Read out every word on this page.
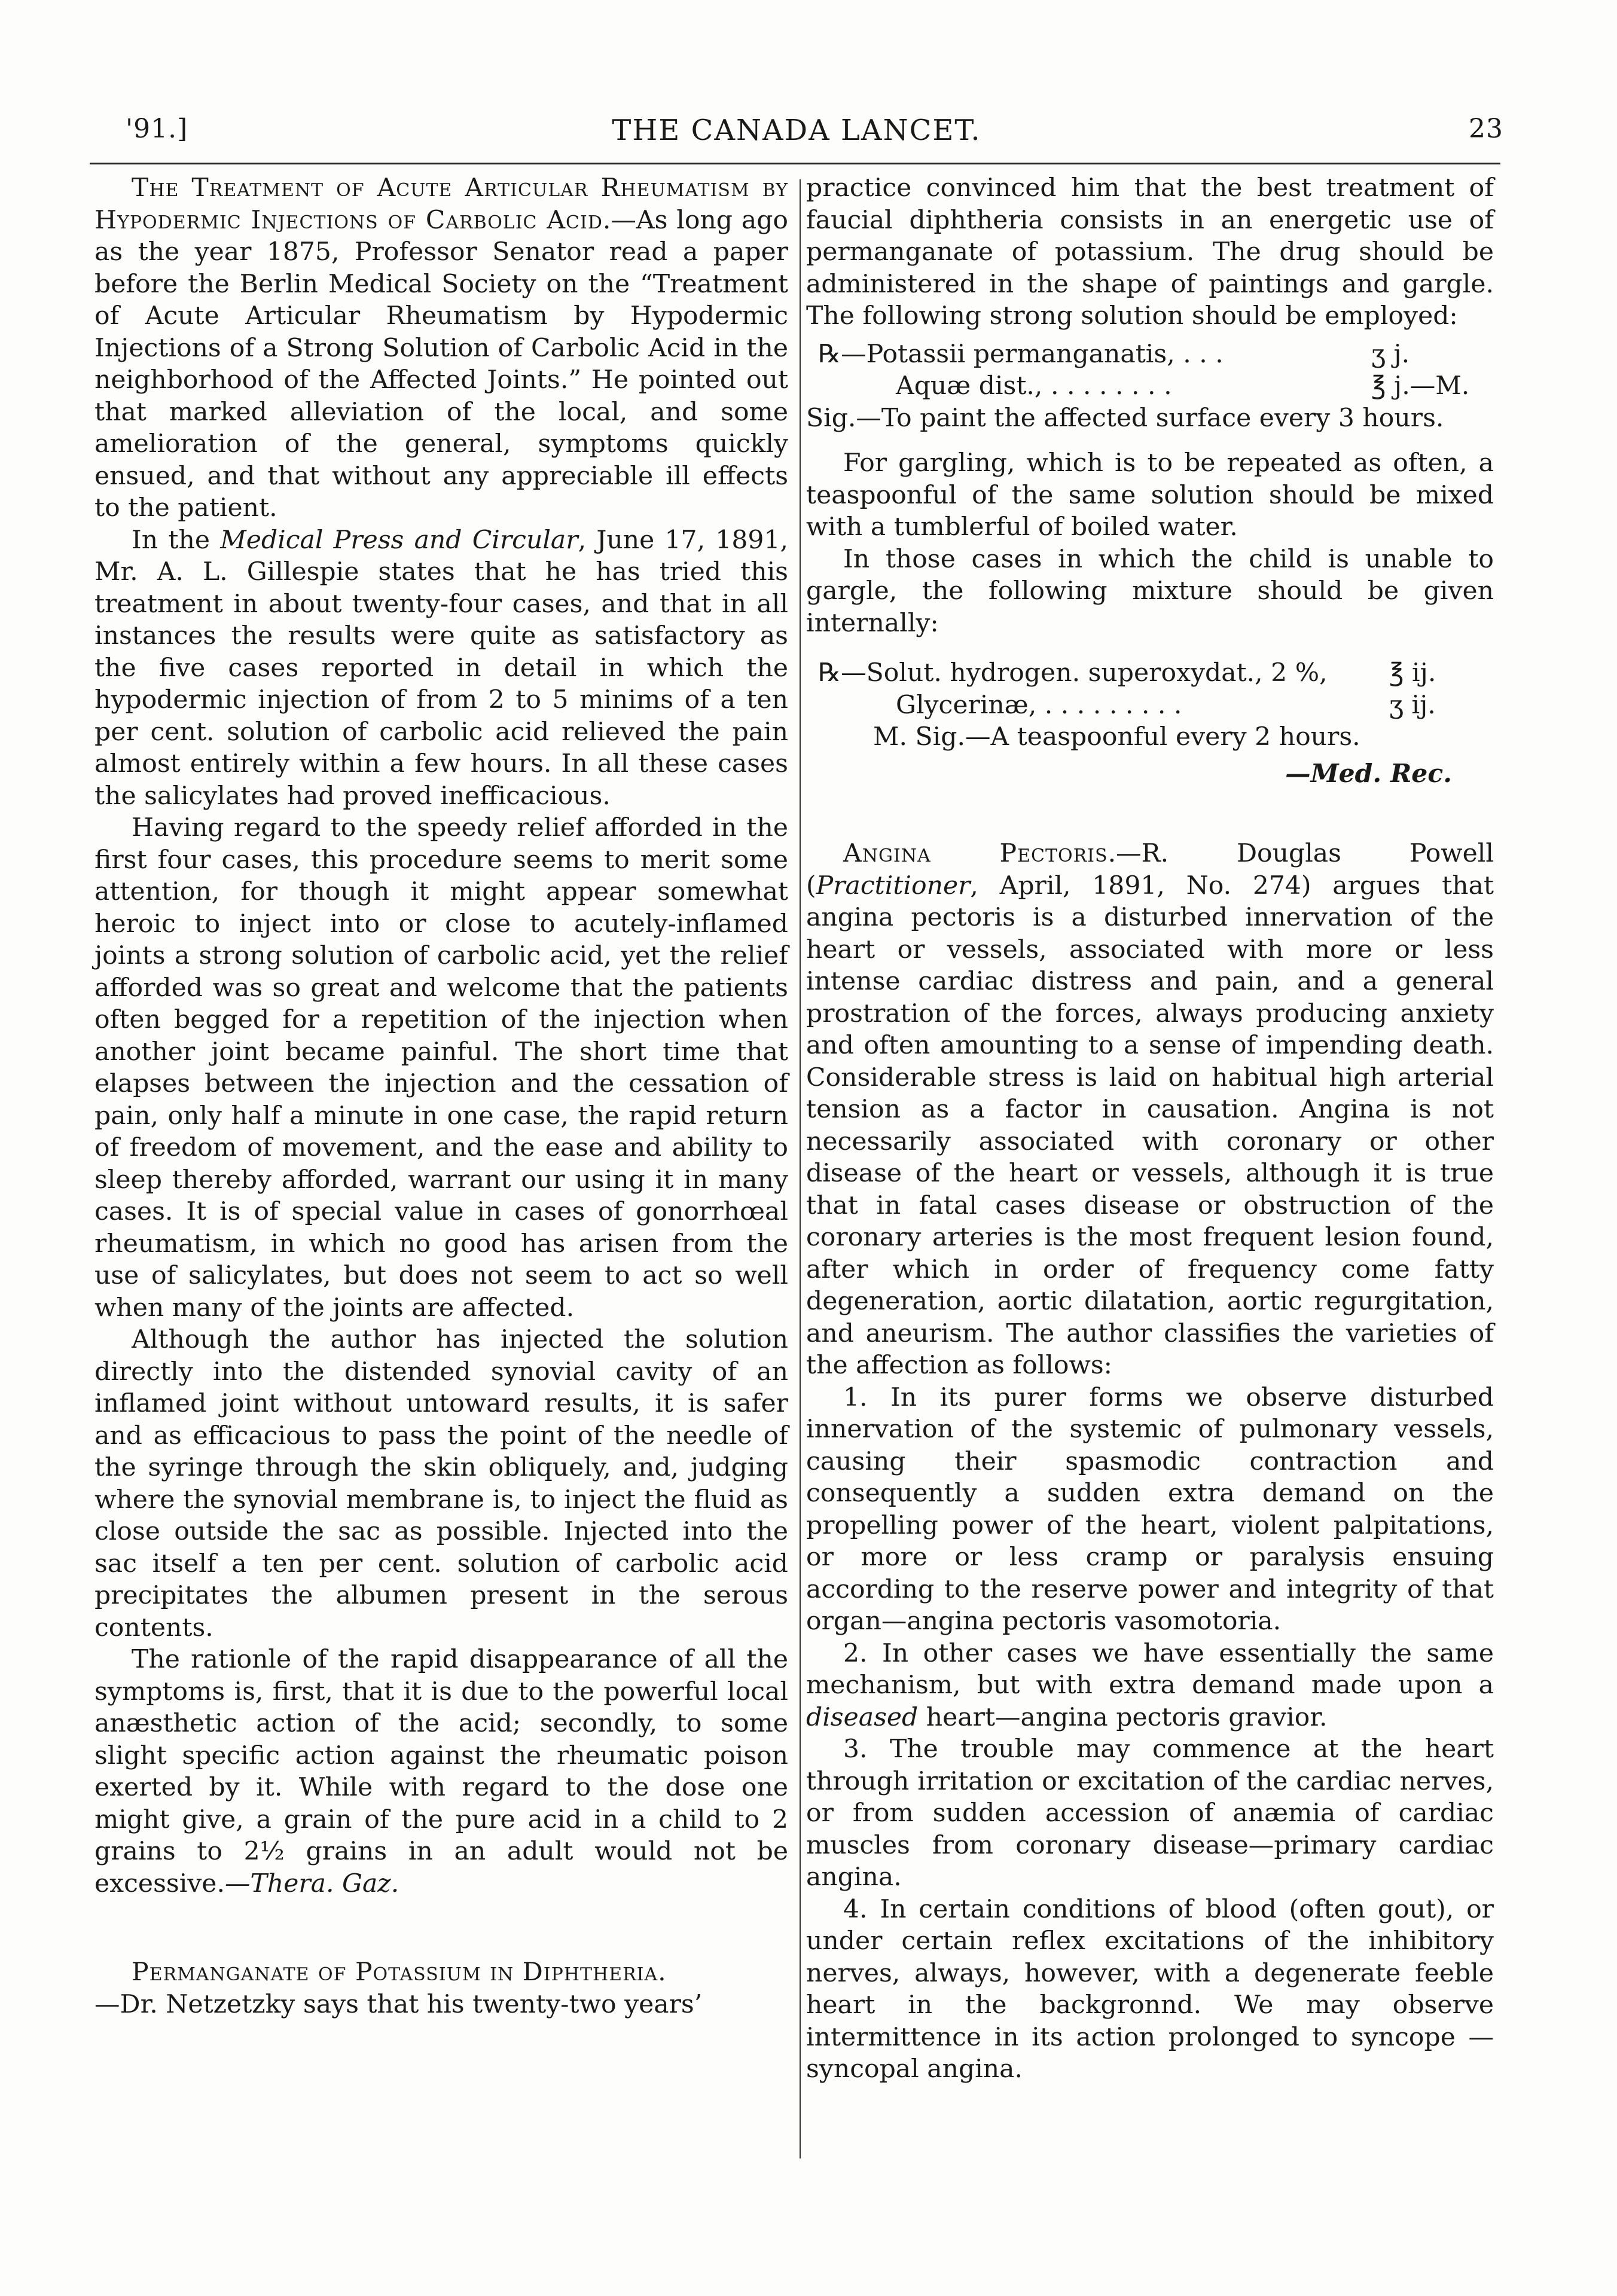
'91.]	THE CANADA LANCET.	23

The Treatment of Acute Articular Rheumatism by Hypodermic Injections of Carbolic Acid.—As long ago as the year 1875, Professor Senator read a paper before the Berlin Medical Society on the “Treatment of Acute Articular Rheumatism by Hypodermic Injections of a Strong Solution of Carbolic Acid in the neighborhood of the Affected Joints.” He pointed out that marked alleviation of the local, and some amelioration of the general, symptoms quickly ensued, and that without any appreciable ill effects to the patient.

In the Medical Press and Circular, June 17, 1891, Mr. A. L. Gillespie states that he has tried this treatment in about twenty-four cases, and that in all instances the results were quite as satisfactory as the five cases reported in detail in which the hypodermic injection of from 2 to 5 minims of a ten per cent. solution of carbolic acid relieved the pain almost entirely within a few hours. In all these cases the salicylates had proved inefficacious.

Having regard to the speedy relief afforded in the first four cases, this procedure seems to merit some attention, for though it might appear somewhat heroic to inject into or close to acutely-inflamed joints a strong solution of carbolic acid, yet the relief afforded was so great and welcome that the patients often begged for a repetition of the injection when another joint became painful. The short time that elapses between the injection and the cessation of pain, only half a minute in one case, the rapid return of freedom of movement, and the ease and ability to sleep thereby afforded, warrant our using it in many cases. It is of special value in cases of gonorrhœal rheumatism, in which no good has arisen from the use of salicylates, but does not seem to act so well when many of the joints are affected.

Although the author has injected the solution directly into the distended synovial cavity of an inflamed joint without untoward results, it is safer and as efficacious to pass the point of the needle of the syringe through the skin obliquely, and, judging where the synovial membrane is, to inject the fluid as close outside the sac as possible. Injected into the sac itself a ten per cent. solution of carbolic acid precipitates the albumen present in the serous contents.

The rationle of the rapid disappearance of all the symptoms is, first, that it is due to the powerful local anæsthetic action of the acid; secondly, to some slight specific action against the rheumatic poison exerted by it. While with regard to the dose one might give, a grain of the pure acid in a child to 2 grains to 2½ grains in an adult would not be excessive.—Thera. Gaz.

Permanganate of Potassium in Diphtheria.

—Dr. Netzetzky says that his twenty-two years’

practice convinced him that the best treatment of faucial diphtheria consists in an energetic use of permanganate of potassium. The drug should be administered in the shape of paintings and gargle. The following strong solution should be employed:

℞—Potassii permanganatis, . . .	ʒ j.
Aquæ dist., . . . . . . . .	℥ j.—M.

Sig.—To paint the affected surface every 3 hours.

For gargling, which is to be repeated as often, a teaspoonful of the same solution should be mixed with a tumblerful of boiled water.

In those cases in which the child is unable to gargle, the following mixture should be given internally:

℞—Solut. hydrogen. superoxydat., 2 %, ℥ ij.
Glycerinæ, . . . . . . . . .	ʒ ij.
M. Sig.—A teaspoonful every 2 hours.
—Med. Rec.

Angina Pectoris.—R. Douglas Powell (Practitioner, April, 1891, No. 274) argues that angina pectoris is a disturbed innervation of the heart or vessels, associated with more or less intense cardiac distress and pain, and a general prostration of the forces, always producing anxiety and often amounting to a sense of impending death. Considerable stress is laid on habitual high arterial tension as a factor in causation. Angina is not necessarily associated with coronary or other disease of the heart or vessels, although it is true that in fatal cases disease or obstruction of the coronary arteries is the most frequent lesion found, after which in order of frequency come fatty degeneration, aortic dilatation, aortic regurgitation, and aneurism. The author classifies the varieties of the affection as follows:

1. In its purer forms we observe disturbed innervation of the systemic of pulmonary vessels, causing their spasmodic contraction and consequently a sudden extra demand on the propelling power of the heart, violent palpitations, or more or less cramp or paralysis ensuing according to the reserve power and integrity of that organ—angina pectoris vasomotoria.

2. In other cases we have essentially the same mechanism, but with extra demand made upon a diseased heart—angina pectoris gravior.

3. The trouble may commence at the heart through irritation or excitation of the cardiac nerves, or from sudden accession of anæmia of cardiac muscles from coronary disease—primary cardiac angina.

4. In certain conditions of blood (often gout), or under certain reflex excitations of the inhibitory nerves, always, however, with a degenerate feeble heart in the backgronnd. We may observe intermittence in its action prolonged to syncope —syncopal angina.
